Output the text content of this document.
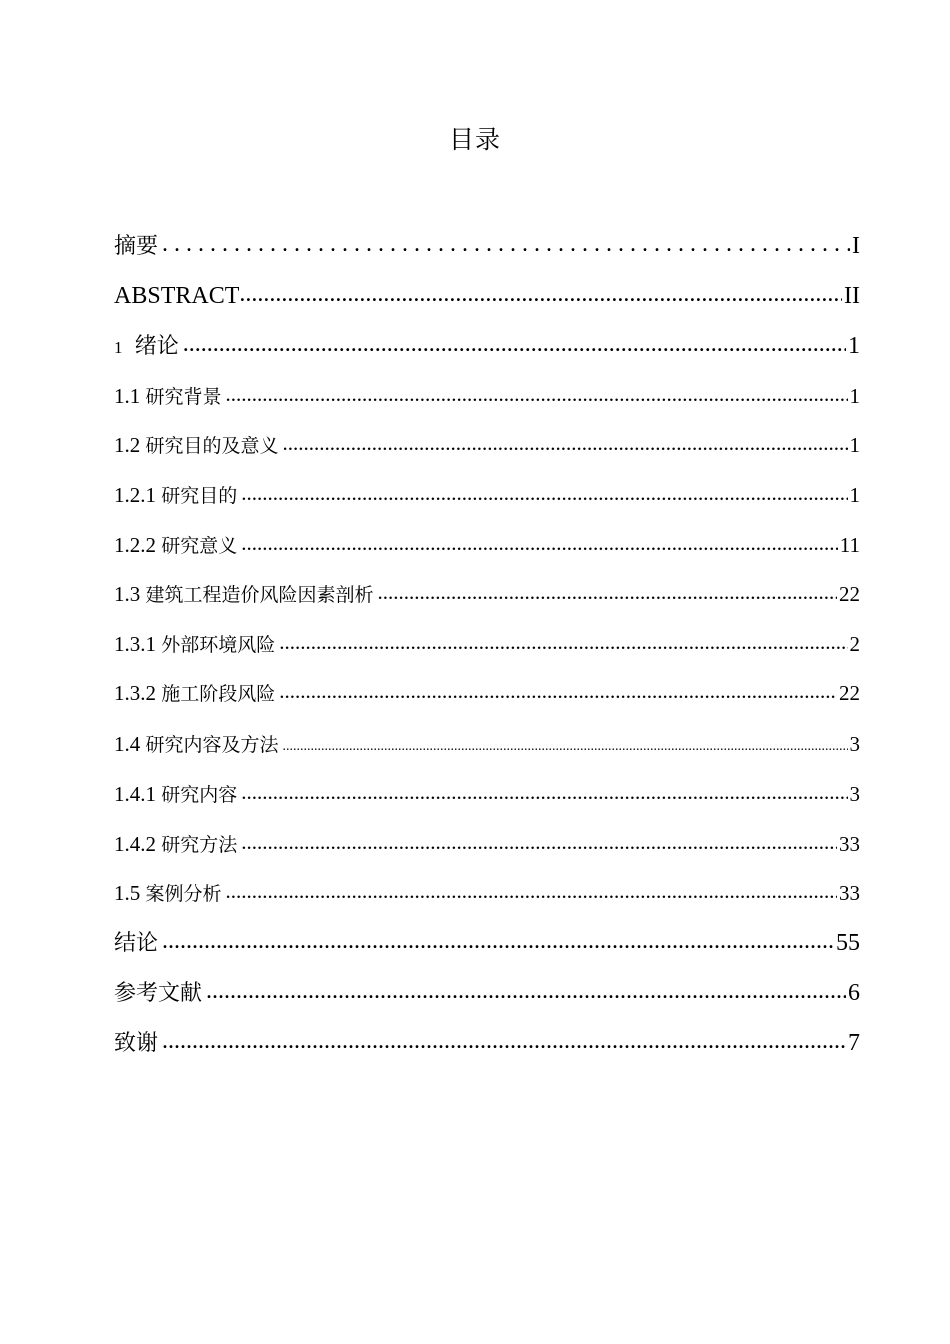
目录
摘要 . . .	I
ABSTRACT .....	II
1 绪论 .....	1
1.1 研究背景 .....	1
1.2 研究目的及意义 .....	1
1.2.1 研究目的 .....	1
1.2.2 研究意义 .....	11
1.3 建筑工程造价风险因素剖析 .....	22
1.3.1 外部环境风险 .....	2
1.3.2 施工阶段风险 .....	22
1.4 研究内容及方法 .....	3
1.4.1 研究内容 .....	3
1.4.2 研究方法 .....	33
1.5 案例分析 .....	33
结论 .....	55
参考文献 .....	6
致谢 .....	7
